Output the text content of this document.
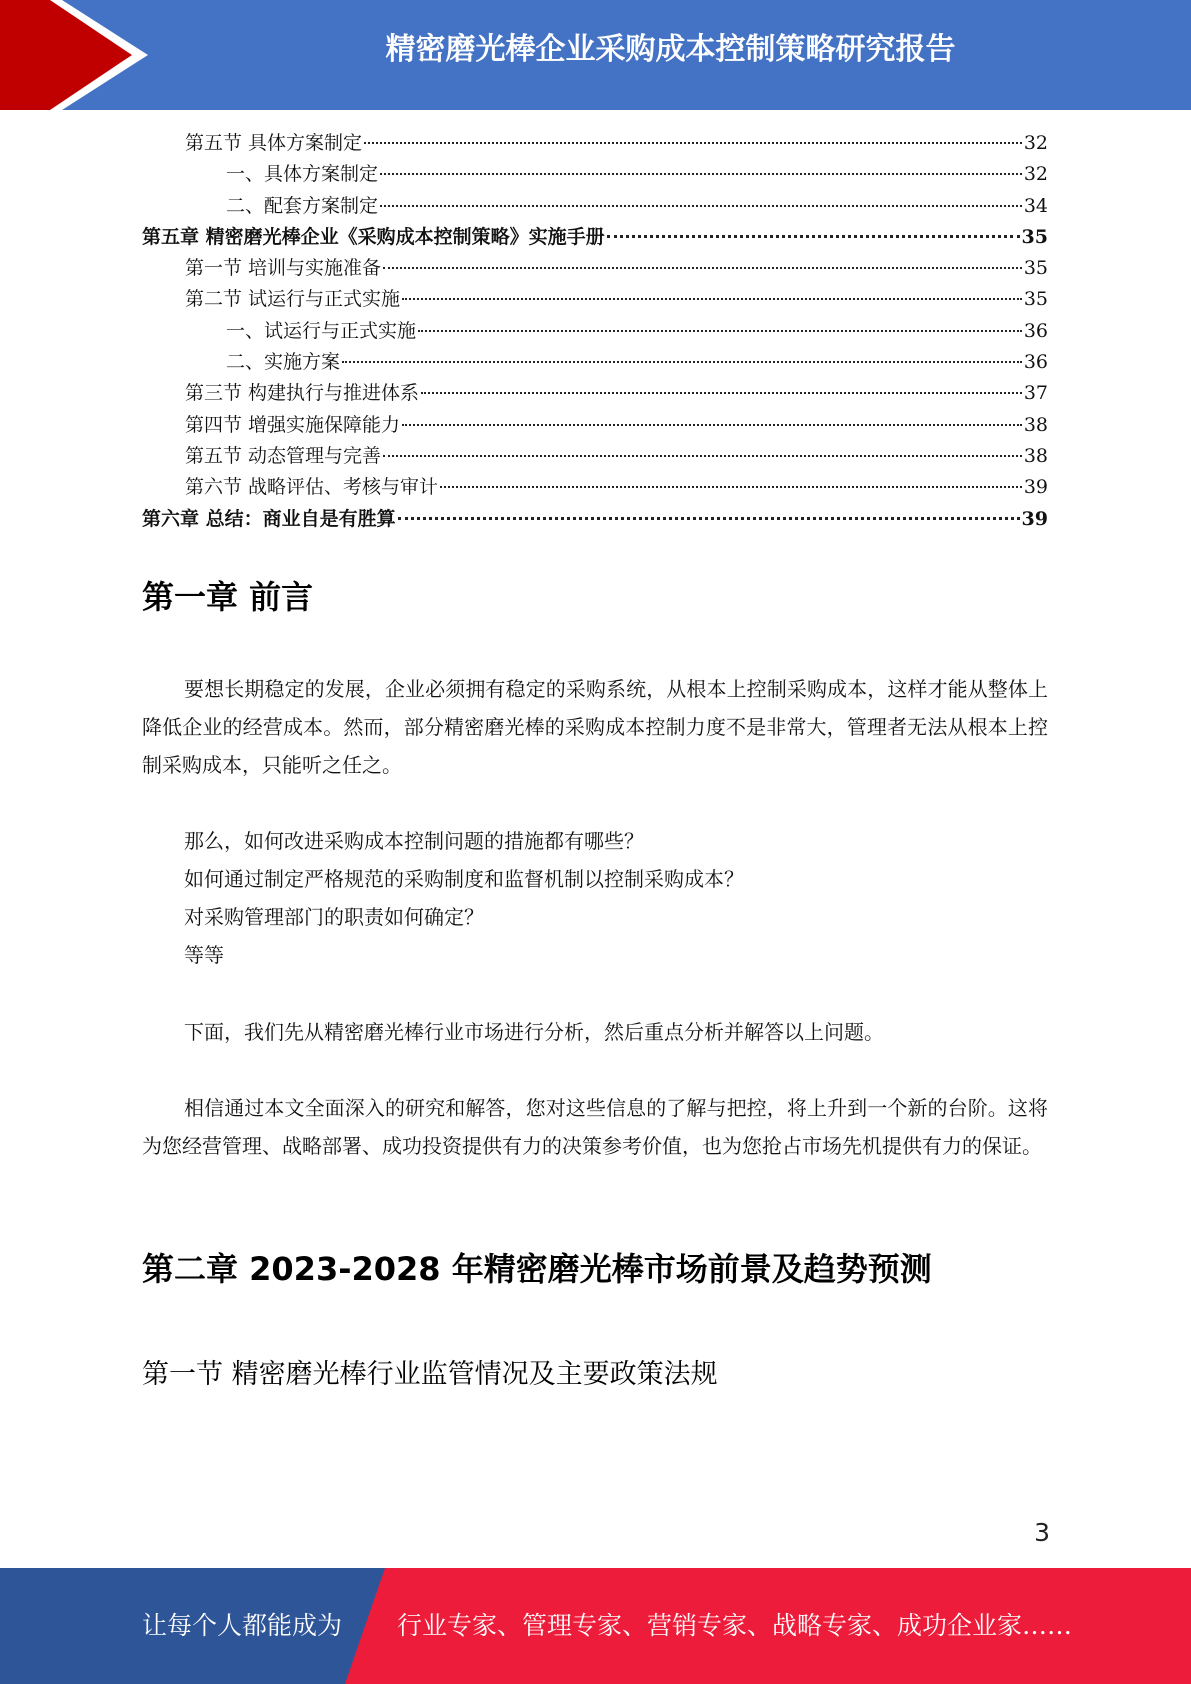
精密磨光棒企业采购成本控制策略研究报告
第五节 具体方案制定	32
一、具体方案制定	32
二、配套方案制定	34
第五章 精密磨光棒企业《采购成本控制策略》实施手册	35
第一节 培训与实施准备	35
第二节 试运行与正式实施	35
一、试运行与正式实施	36
二、实施方案	36
第三节 构建执行与推进体系	37
第四节 增强实施保障能力	38
第五节 动态管理与完善	38
第六节 战略评估、考核与审计	39
第六章 总结：商业自是有胜算	39
第一章 前言

要想长期稳定的发展，企业必须拥有稳定的采购系统，从根本上控制采购成本，这样才能从整体上降低企业的经营成本。然而，部分精密磨光棒的采购成本控制力度不是非常大，管理者无法从根本上控制采购成本，只能听之任之。

那么，如何改进采购成本控制问题的措施都有哪些？

如何通过制定严格规范的采购制度和监督机制以控制采购成本？

对采购管理部门的职责如何确定？

等等

下面，我们先从精密磨光棒行业市场进行分析，然后重点分析并解答以上问题。

相信通过本文全面深入的研究和解答，您对这些信息的了解与把控，将上升到一个新的台阶。这将为您经营管理、战略部署、成功投资提供有力的决策参考价值，也为您抢占市场先机提供有力的保证。

第二章 2023-2028 年精密磨光棒市场前景及趋势预测
第一节 精密磨光棒行业监管情况及主要政策法规
3
让每个人都能成为 行业专家、管理专家、营销专家、战略专家、成功企业家……
